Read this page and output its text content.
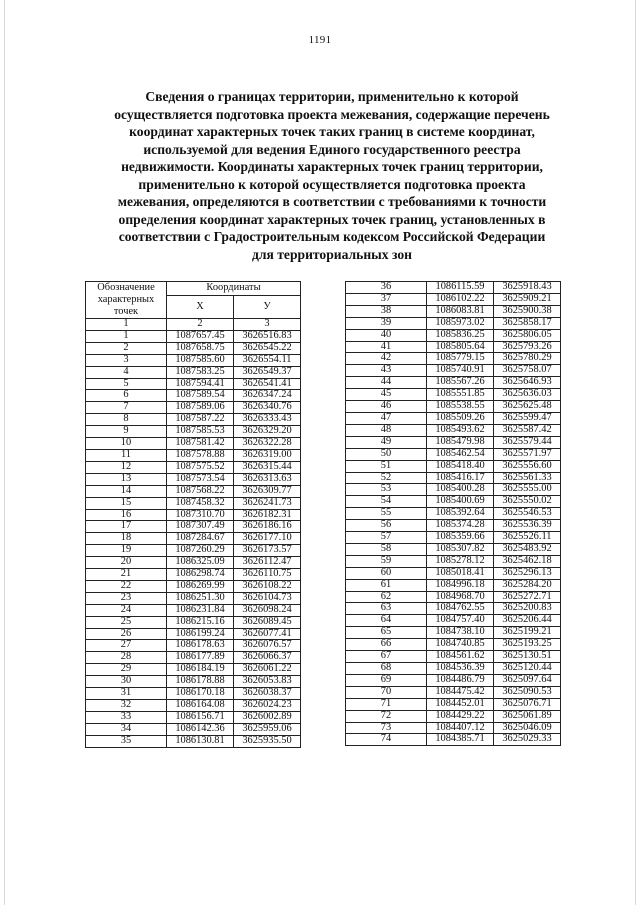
1191
Сведения о границах территории, применительно к которой
осуществляется подготовка проекта межевания, содержащие перечень
координат характерных точек таких границ в системе координат,
используемой для ведения Единого государственного реестра
недвижимости. Координаты характерных точек границ территории,
применительно к которой осуществляется подготовка проекта
межевания, определяются в соответствии с требованиями к точности
определения координат характерных точек границ, установленных в
соответствии с Градостроительным кодексом Российской Федерации
для территориальных зон
Обозначение характерных точек	Координаты	
	X	У
1	2	3
1	1087657.45	3626516.83
2	1087658.75	3626545.22
3	1087585.60	3626554.11
4	1087583.25	3626549.37
5	1087594.41	3626541.41
6	1087589.54	3626347.24
7	1087589.06	3626340.76
8	1087587.22	3626333.43
9	1087585.53	3626329.20
10	1087581.42	3626322.28
11	1087578.88	3626319.00
12	1087575.52	3626315.44
13	1087573.54	3626313.63
14	1087568.22	3626309.77
15	1087458.32	3626241.73
16	1087310.70	3626182.31
17	1087307.49	3626186.16
18	1087284.67	3626177.10
19	1087260.29	3626173.57
20	1086325.09	3626112.47
21	1086298.74	3626110.75
22	1086269.99	3626108.22
23	1086251.30	3626104.73
24	1086231.84	3626098.24
25	1086215.16	3626089.45
26	1086199.24	3626077.41
27	1086178.63	3626076.57
28	1086177.89	3626066.37
29	1086184.19	3626061.22
30	1086178.88	3626053.83
31	1086170.18	3626038.37
32	1086164.08	3626024.23
33	1086156.71	3626002.89
34	1086142.36	3625959.06
35	1086130.81	3625935.50
36	1086115.59	3625918.43
37	1086102.22	3625909.21
38	1086083.81	3625900.38
39	1085973.02	3625858.17
40	1085836.25	3625806.05
41	1085805.64	3625793.26
42	1085779.15	3625780.29
43	1085740.91	3625758.07
44	1085567.26	3625646.93
45	1085551.85	3625636.03
46	1085538.55	3625625.48
47	1085509.26	3625599.47
48	1085493.62	3625587.42
49	1085479.98	3625579.44
50	1085462.54	3625571.97
51	1085418.40	3625556.60
52	1085416.17	3625561.33
53	1085400.28	3625555.00
54	1085400.69	3625550.02
55	1085392.64	3625546.53
56	1085374.28	3625536.39
57	1085359.66	3625526.11
58	1085307.82	3625483.92
59	1085278.12	3625462.18
60	1085018.41	3625296.13
61	1084996.18	3625284.20
62	1084968.70	3625272.71
63	1084762.55	3625200.83
64	1084757.40	3625206.44
65	1084738.10	3625199.21
66	1084740.85	3625193.25
67	1084561.62	3625130.51
68	1084536.39	3625120.44
69	1084486.79	3625097.64
70	1084475.42	3625090.53
71	1084452.01	3625076.71
72	1084429.22	3625061.89
73	1084407.12	3625046.09
74	1084385.71	3625029.33
